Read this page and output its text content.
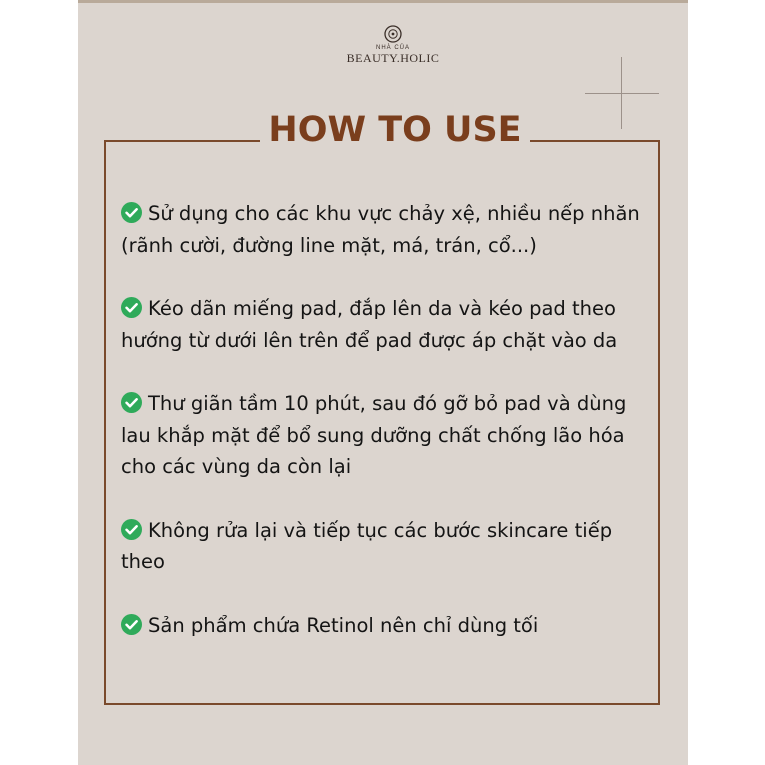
NHÀ CỦA
BEAUTY.HOLIC
HOW TO USE
Sử dụng cho các khu vực chảy xệ, nhiều nếp nhăn (rãnh cười, đường line mặt, má, trán, cổ...)
Kéo dãn miếng pad, đắp lên da và kéo pad theo hướng từ dưới lên trên để pad được áp chặt vào da
Thư giãn tầm 10 phút, sau đó gỡ bỏ pad và dùng lau khắp mặt để bổ sung dưỡng chất chống lão hóa cho các vùng da còn lại
Không rửa lại và tiếp tục các bước skincare tiếp theo
Sản phẩm chứa Retinol nên chỉ dùng tối
